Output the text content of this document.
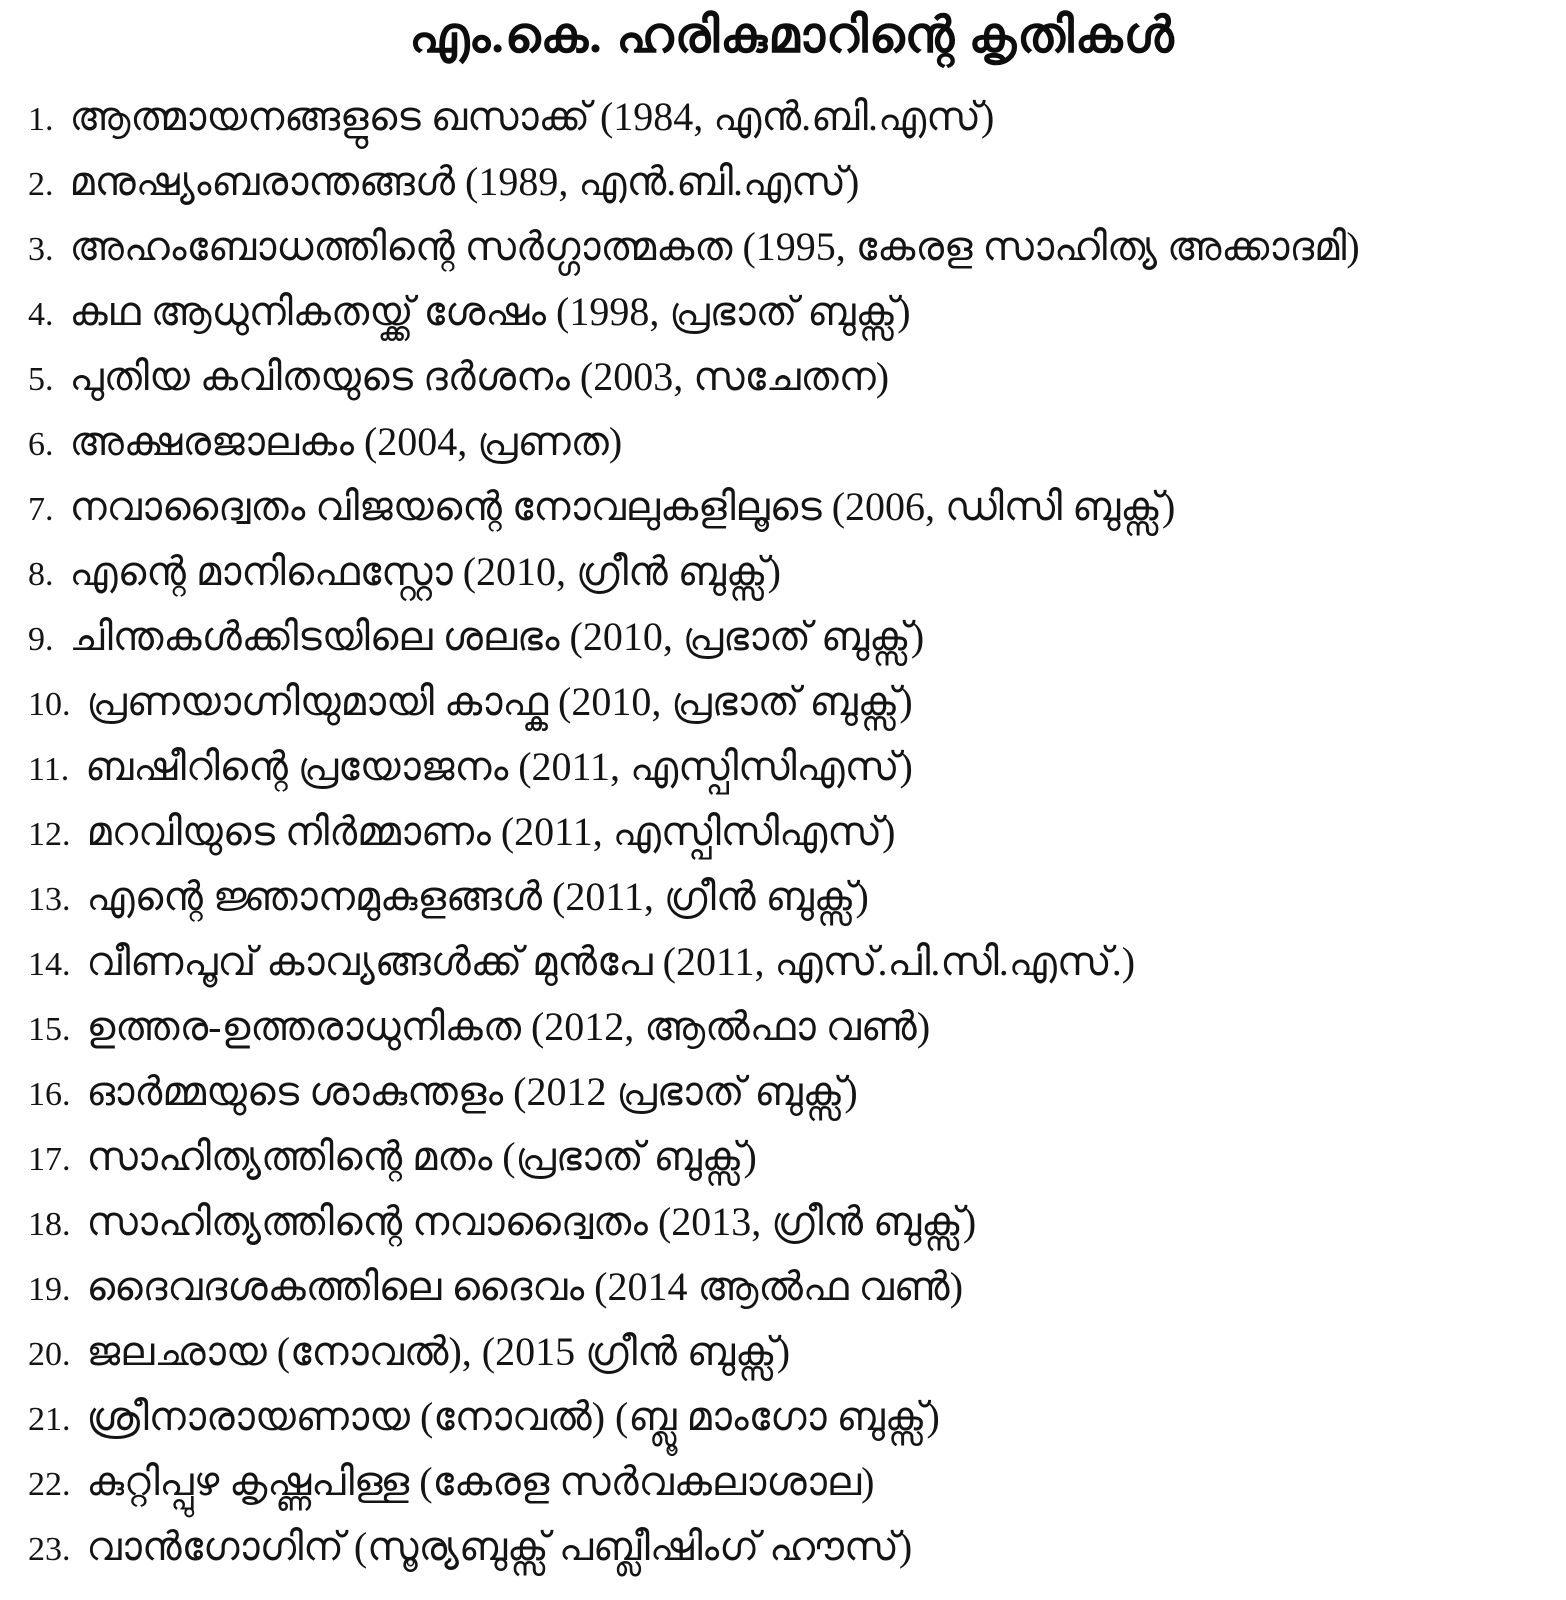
എം.കെ. ഹരികുമാറിന്റെ കൃതികൾ
1. ആത്മായനങ്ങളുടെ ഖസാക്ക് (1984, എൻ.ബി.എസ്)
2. മനുഷ്യംബരാന്തങ്ങൾ (1989, എൻ.ബി.എസ്)
3. അഹംബോധത്തിന്റെ സർഗ്ഗാത്മകത (1995, കേരള സാഹിത്യ അക്കാദമി)
4. കഥ ആധുനികതയ്ക്ക് ശേഷം (1998, പ്രഭാത് ബുക്സ്)
5. പുതിയ കവിതയുടെ ദർശനം (2003, സചേതന)
6. അക്ഷരജാലകം (2004, പ്രണത)
7. നവാദ്വൈതം വിജയന്റെ നോവലുകളിലൂടെ (2006, ഡിസി ബുക്സ്)
8. എന്റെ മാനിഫെസ്റ്റോ (2010, ഗ്രീൻ ബുക്സ്)
9. ചിന്തകൾക്കിടയിലെ ശലഭം (2010, പ്രഭാത് ബുക്സ്)
10. പ്രണയാഗ്നിയുമായി കാഫ്ക (2010, പ്രഭാത് ബുക്സ്)
11. ബഷീറിന്റെ പ്രയോജനം (2011, എസ്പിസിഎസ്)
12. മറവിയുടെ നിർമ്മാണം (2011, എസ്പിസിഎസ്)
13. എന്റെ ജ്ഞാനമുകുളങ്ങൾ (2011, ഗ്രീൻ ബുക്സ്)
14. വീണപൂവ് കാവ്യങ്ങൾക്ക് മുൻപേ (2011, എസ്.പി.സി.എസ്.)
15. ഉത്തര-ഉത്തരാധുനികത (2012, ആൽഫാ വൺ)
16. ഓർമ്മയുടെ ശാകുന്തളം (2012 പ്രഭാത് ബുക്സ്)
17. സാഹിത്യത്തിന്റെ മതം (പ്രഭാത് ബുക്സ്)
18. സാഹിത്യത്തിന്റെ നവാദ്വൈതം (2013, ഗ്രീൻ ബുക്സ്)
19. ദൈവദശകത്തിലെ ദൈവം (2014 ആൽഫ വൺ)
20. ജലഛായ (നോവൽ), (2015 ഗ്രീൻ ബുക്സ്)
21. ശ്രീനാരായണായ (നോവൽ) (ബ്ലൂ മാംഗോ ബുക്സ്)
22. കുറ്റിപ്പുഴ കൃഷ്ണപിള്ള (കേരള സർവകലാശാല)
23. വാൻഗോഗിന് (സൂര്യബുക്സ് പബ്ലീഷിംഗ് ഹൗസ്)
